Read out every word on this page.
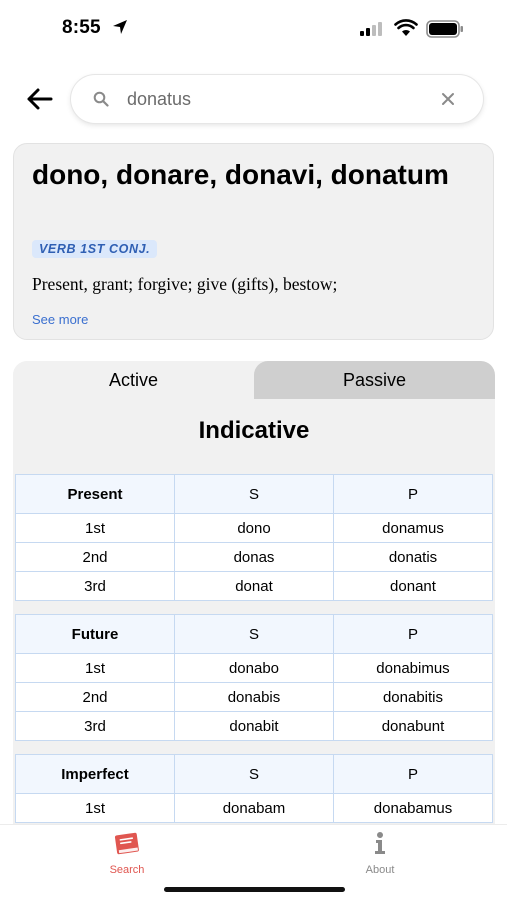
8:55
donatus
dono, donare, donavi, donatum
VERB 1ST CONJ.
Present, grant; forgive; give (gifts), bestow;
See more
Active	Passive
Indicative
Present	S	P
1st	dono	donamus
2nd	donas	donatis
3rd	donat	donant
Future	S	P
1st	donabo	donabimus
2nd	donabis	donabitis
3rd	donabit	donabunt
Imperfect	S	P
1st	donabam	donabamus
Search	About
